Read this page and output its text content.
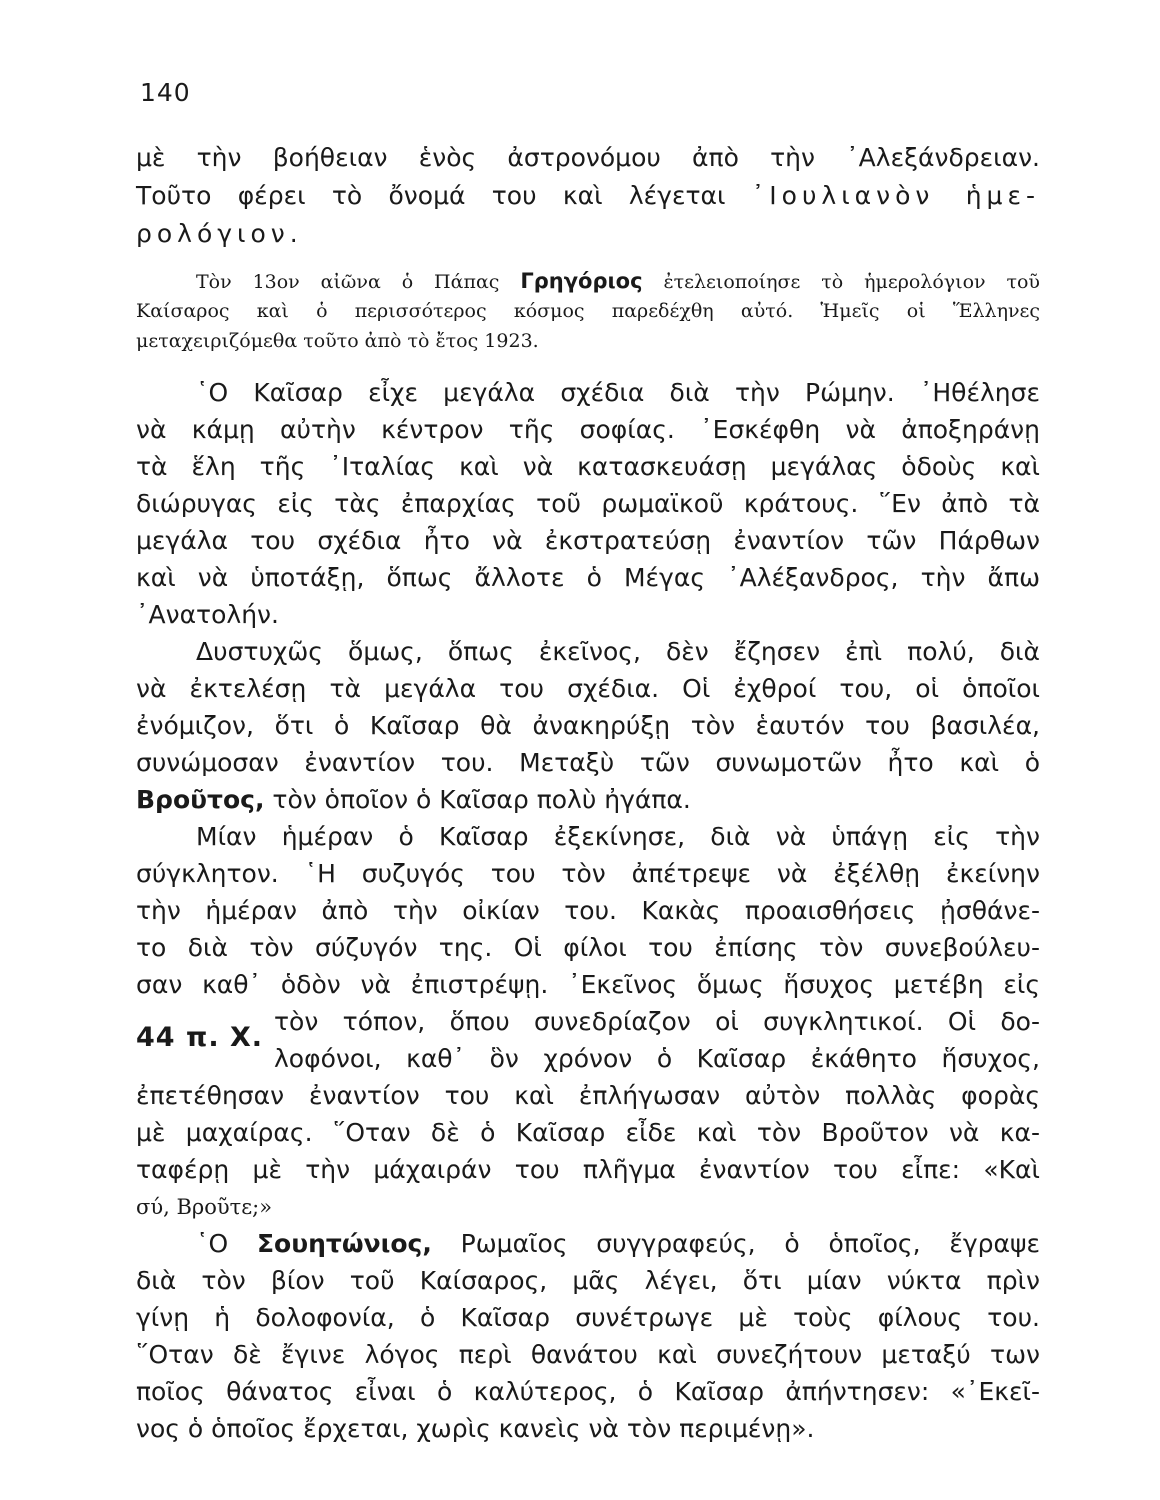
140
μὲ τὴν βοήθειαν ἑνὸς ἀστρονόμου ἀπὸ τὴν ᾿Αλεξάνδρειαν.
Τοῦτο φέρει τὸ ὄνομά του καὶ λέγεται ᾿Ιουλιανὸν ἡμε-
ρολόγιον.
Τὸν 13ον αἰῶνα ὁ Πάπας Γρηγόριος ἐτελειοποίησε τὸ ἡμερολόγιον τοῦ
Καίσαρος καὶ ὁ περισσότερος κόσμος παρεδέχθη αὐτό. Ἡμεῖς οἱ Ἕλληνες
μεταχειριζόμεθα τοῦτο ἀπὸ τὸ ἔτος 1923.
῾Ο Καῖσαρ εἶχε μεγάλα σχέδια διὰ τὴν Ρώμην. ᾿Ηθέλησε
νὰ κάμῃ αὐτὴν κέντρον τῆς σοφίας. ᾿Εσκέφθη νὰ ἀποξηράνῃ
τὰ ἕλη τῆς ᾿Ιταλίας καὶ νὰ κατασκευάσῃ μεγάλας ὁδοὺς καὶ
διώρυγας εἰς τὰς ἐπαρχίας τοῦ ρωμαϊκοῦ κράτους. ῞Εν ἀπὸ τὰ
μεγάλα του σχέδια ἦτο νὰ ἐκστρατεύσῃ ἐναντίον τῶν Πάρθων
καὶ νὰ ὑποτάξῃ, ὅπως ἄλλοτε ὁ Μέγας ᾿Αλέξανδρος, τὴν ἄπω
᾿Ανατολήν.
Δυστυχῶς ὅμως, ὅπως ἐκεῖνος, δὲν ἔζησεν ἐπὶ πολύ, διὰ
νὰ ἐκτελέσῃ τὰ μεγάλα του σχέδια. Οἱ ἐχθροί του, οἱ ὁποῖοι
ἐνόμιζον, ὅτι ὁ Καῖσαρ θὰ ἀνακηρύξῃ τὸν ἑαυτόν του βασιλέα,
συνώμοσαν ἐναντίον του. Μεταξὺ τῶν συνωμοτῶν ἦτο καὶ ὁ
Βροῦτος, τὸν ὁποῖον ὁ Καῖσαρ πολὺ ἠγάπα.
Μίαν ἡμέραν ὁ Καῖσαρ ἐξεκίνησε, διὰ νὰ ὑπάγῃ εἰς τὴν
σύγκλητον. ῾Η συζυγός του τὸν ἀπέτρεψε νὰ ἐξέλθῃ ἐκείνην
τὴν ἡμέραν ἀπὸ τὴν οἰκίαν του. Κακὰς προαισθήσεις ᾐσθάνε-
το διὰ τὸν σύζυγόν της. Οἱ φίλοι του ἐπίσης τὸν συνεβούλευ-
σαν καθ᾿ ὁδὸν νὰ ἐπιστρέψῃ. ᾿Εκεῖνος ὅμως ἥσυχος μετέβη εἰς
44 π. Χ.
τὸν τόπον, ὅπου συνεδρίαζον οἱ συγκλητικοί. Οἱ δο-
λοφόνοι, καθ᾿ ὃν χρόνον ὁ Καῖσαρ ἐκάθητο ἥσυχος,
ἐπετέθησαν ἐναντίον του καὶ ἐπλήγωσαν αὐτὸν πολλὰς φορὰς
μὲ μαχαίρας. ῞Οταν δὲ ὁ Καῖσαρ εἶδε καὶ τὸν Βροῦτον νὰ κα-
ταφέρῃ μὲ τὴν μάχαιράν του πλῆγμα ἐναντίον του εἶπε: «Καὶ
σύ, Βροῦτε;»
῾Ο Σουητώνιος, Ρωμαῖος συγγραφεύς, ὁ ὁποῖος, ἔγραψε
διὰ τὸν βίον τοῦ Καίσαρος, μᾶς λέγει, ὅτι μίαν νύκτα πρὶν
γίνῃ ἡ δολοφονία, ὁ Καῖσαρ συνέτρωγε μὲ τοὺς φίλους του.
῞Οταν δὲ ἔγινε λόγος περὶ θανάτου καὶ συνεζήτουν μεταξύ των
ποῖος θάνατος εἶναι ὁ καλύτερος, ὁ Καῖσαρ ἀπήντησεν: «᾿Εκεῖ-
νος ὁ ὁποῖος ἔρχεται, χωρὶς κανεὶς νὰ τὸν περιμένῃ».
